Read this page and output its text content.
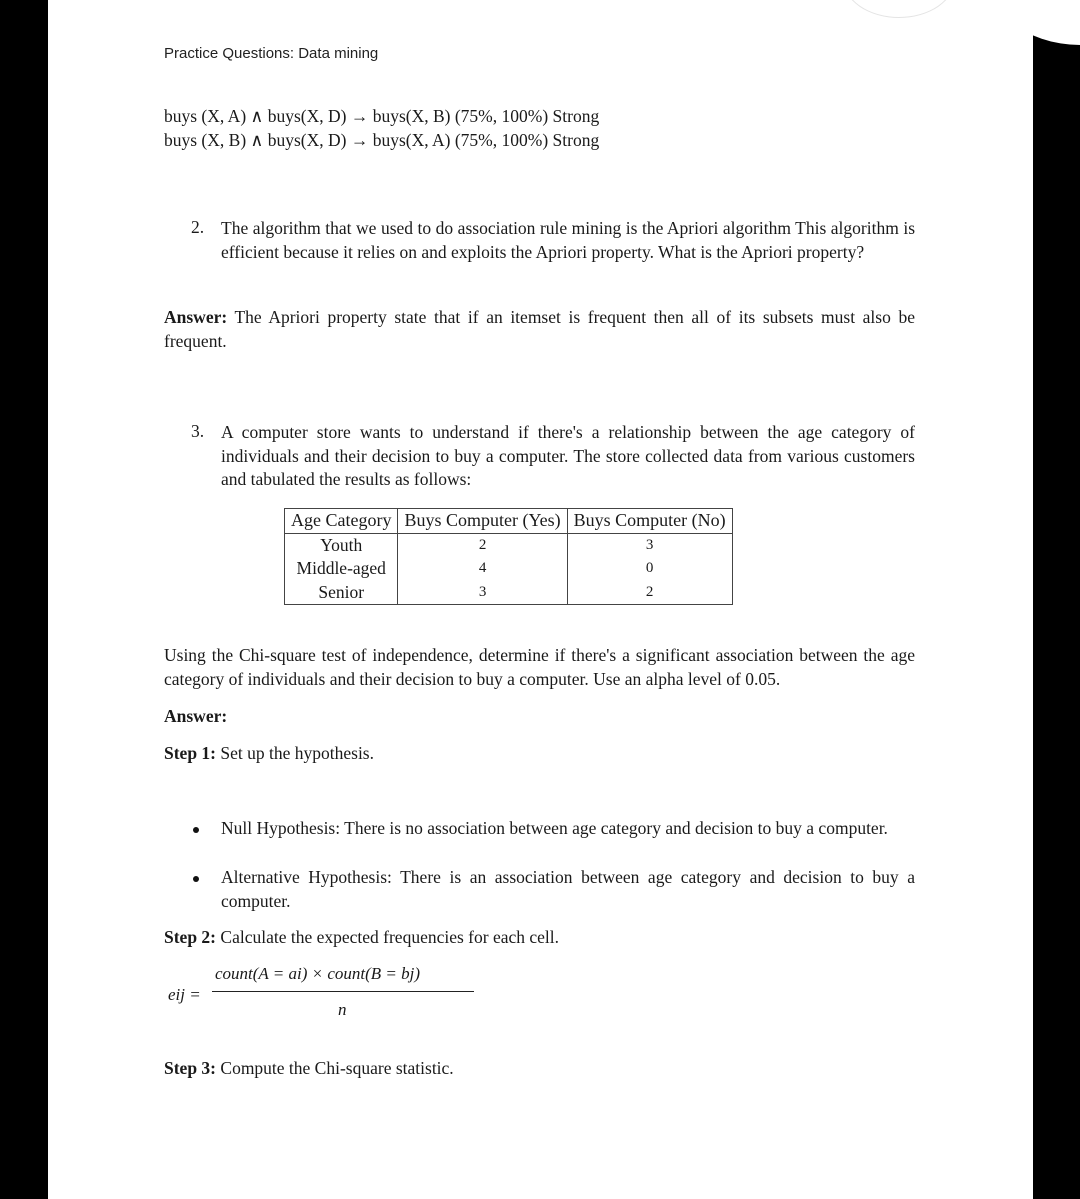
Practice Questions: Data mining
buys (X, A) ∧ buys(X, D) → buys(X, B) (75%, 100%) Strong
buys (X, B) ∧ buys(X, D) → buys(X, A) (75%, 100%) Strong
2. The algorithm that we used to do association rule mining is the Apriori algorithm This algorithm is efficient because it relies on and exploits the Apriori property. What is the Apriori property?
Answer: The Apriori property state that if an itemset is frequent then all of its subsets must also be frequent.
3. A computer store wants to understand if there's a relationship between the age category of individuals and their decision to buy a computer. The store collected data from various customers and tabulated the results as follows:
Age Category	Buys Computer (Yes)	Buys Computer (No)
Youth	2	3
Middle-aged	4	0
Senior	3	2
Using the Chi-square test of independence, determine if there's a significant association between the age category of individuals and their decision to buy a computer. Use an alpha level of 0.05.
Answer:
Step 1: Set up the hypothesis.
Null Hypothesis: There is no association between age category and decision to buy a computer.
Alternative Hypothesis: There is an association between age category and decision to buy a computer.
Step 2: Calculate the expected frequencies for each cell.
eij =
count(A = ai) × count(B = bj)
n
Step 3: Compute the Chi-square statistic.
